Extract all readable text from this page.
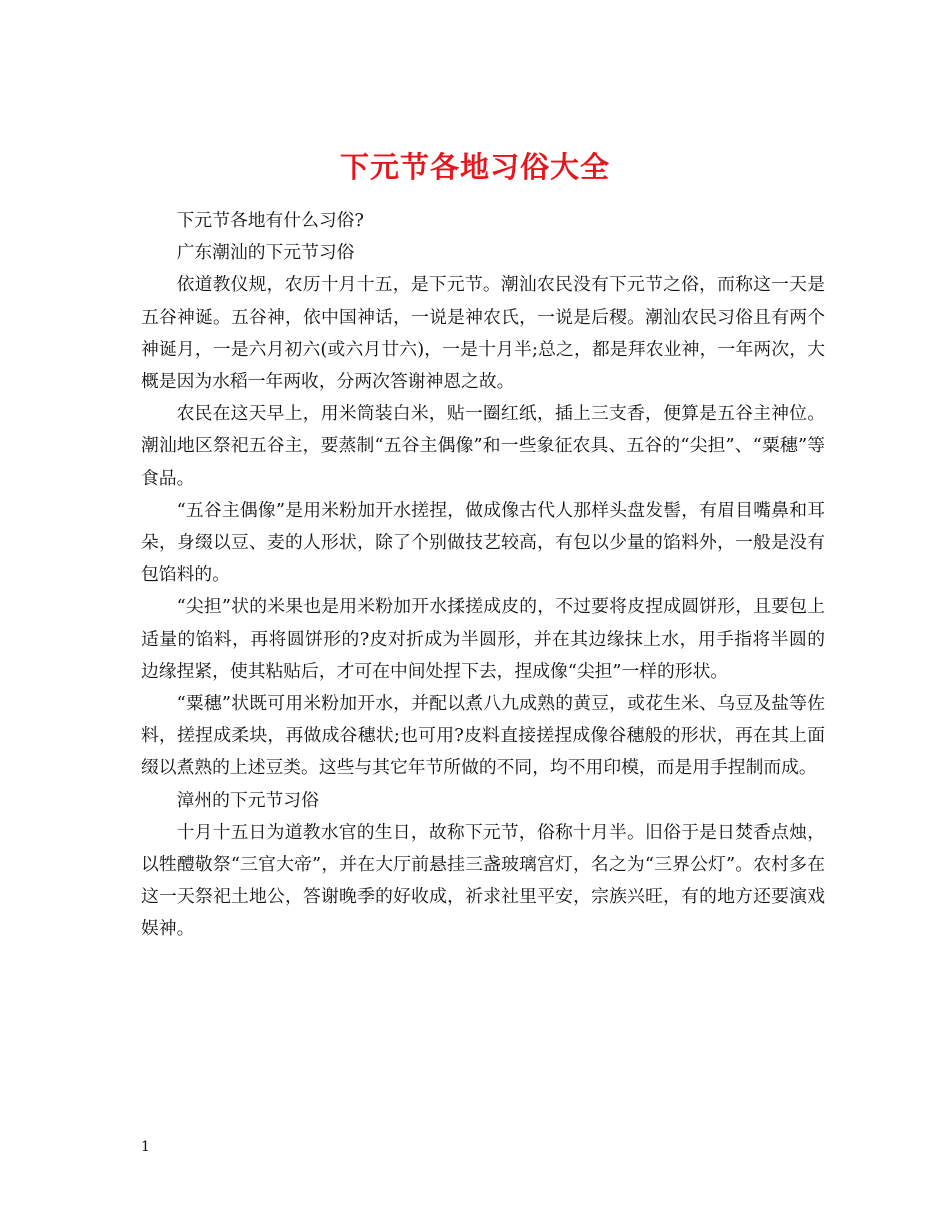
下元节各地习俗大全

下元节各地有什么习俗?

广东潮汕的下元节习俗

依道教仪规，农历十月十五，是下元节。潮汕农民没有下元节之俗，而称这一天是五谷神诞。五谷神，依中国神话，一说是神农氏，一说是后稷。潮汕农民习俗且有两个神诞月，一是六月初六(或六月廿六)，一是十月半;总之，都是拜农业神，一年两次，大概是因为水稻一年两收，分两次答谢神恩之故。

农民在这天早上，用米筒装白米，贴一圈红纸，插上三支香，便算是五谷主神位。潮汕地区祭祀五谷主，要蒸制“五谷主偶像”和一些象征农具、五谷的“尖担”、“粟穗”等食品。

“五谷主偶像”是用米粉加开水搓捏，做成像古代人那样头盘发髻，有眉目嘴鼻和耳朵，身缀以豆、麦的人形状，除了个别做技艺较高，有包以少量的馅料外，一般是没有包馅料的。

“尖担”状的米果也是用米粉加开水揉搓成皮的，不过要将皮捏成圆饼形，且要包上适量的馅料，再将圆饼形的?皮对折成为半圆形，并在其边缘抹上水，用手指将半圆的边缘捏紧，使其粘贴后，才可在中间处捏下去，捏成像“尖担”一样的形状。

“粟穗”状既可用米粉加开水，并配以煮八九成熟的黄豆，或花生米、乌豆及盐等佐料，搓捏成柔块，再做成谷穗状;也可用?皮料直接搓捏成像谷穗般的形状，再在其上面缀以煮熟的上述豆类。这些与其它年节所做的不同，均不用印模，而是用手捏制而成。

漳州的下元节习俗

十月十五日为道教水官的生日，故称下元节，俗称十月半。旧俗于是日焚香点烛，以牲醴敬祭“三官大帝”，并在大厅前悬挂三盏玻璃宫灯，名之为“三界公灯”。农村多在这一天祭祀土地公，答谢晚季的好收成，祈求社里平安，宗族兴旺，有的地方还要演戏娱神。

1
